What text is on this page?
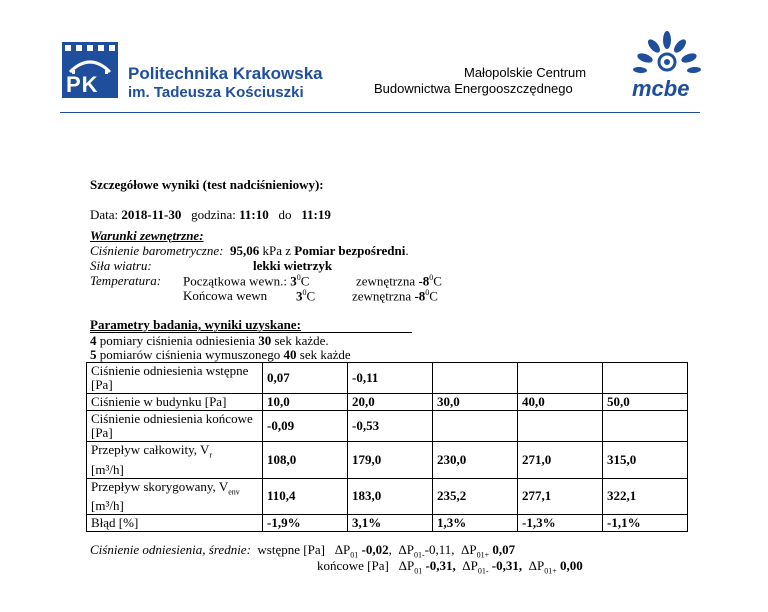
PK Politechnika Krakowska
im. Tadeusza Kościuszki
Małopolskie Centrum
Budownictwa Energooszczędnego	mcbe
Szczegółowe wyniki (test nadciśnieniowy):
Data: 2018-11-30 godzina: 11:10 do 11:19
Warunki zewnętrzne:
Ciśnienie barometryczne: 95,06 kPa z Pomiar bezpośredni.
Siła wiatru:	lekki wietrzyk
Temperatura: Początkowa wewn.: $3^0C$	zewnętrzna $-8^0C$
Końcowa wewn $3^0C$	zewnętrzna $-8^0C$
Parametry badania, wyniki uzyskane:
4 pomiary ciśnienia odniesienia 30 sek każde.
5 pomiarów ciśnienia wymuszonego 40 sek każde
Ciśnienie odniesienia wstępne [Pa]	0,07	-0,11			
Ciśnienie w budynku [Pa]	10,0	20,0	30,0	40,0	50,0
Ciśnienie odniesienia końcowe [Pa]	-0,09	-0,53			
Przepływ całkowity, $V_r$
[m³/h]	108,0	179,0	230,0	271,0	315,0
Przepływ skorygowany, $V_{env}$
[m³/h]	110,4	183,0	235,2	277,1	322,1
Błąd [%]	-1,9%	3,1%	1,3%	-1,3%	-1,1%
Ciśnienie odniesienia, średnie: wstępne [Pa] $\Delta P_{01}$ -0,02, $\Delta P_{01-}-0,11$, $\Delta P_{01+}$ 0,07
końcowe [Pa] $\Delta P_{01}$ -0,31, $\Delta P_{01-}$ -0,31, $\Delta P_{01+}$ 0,00
